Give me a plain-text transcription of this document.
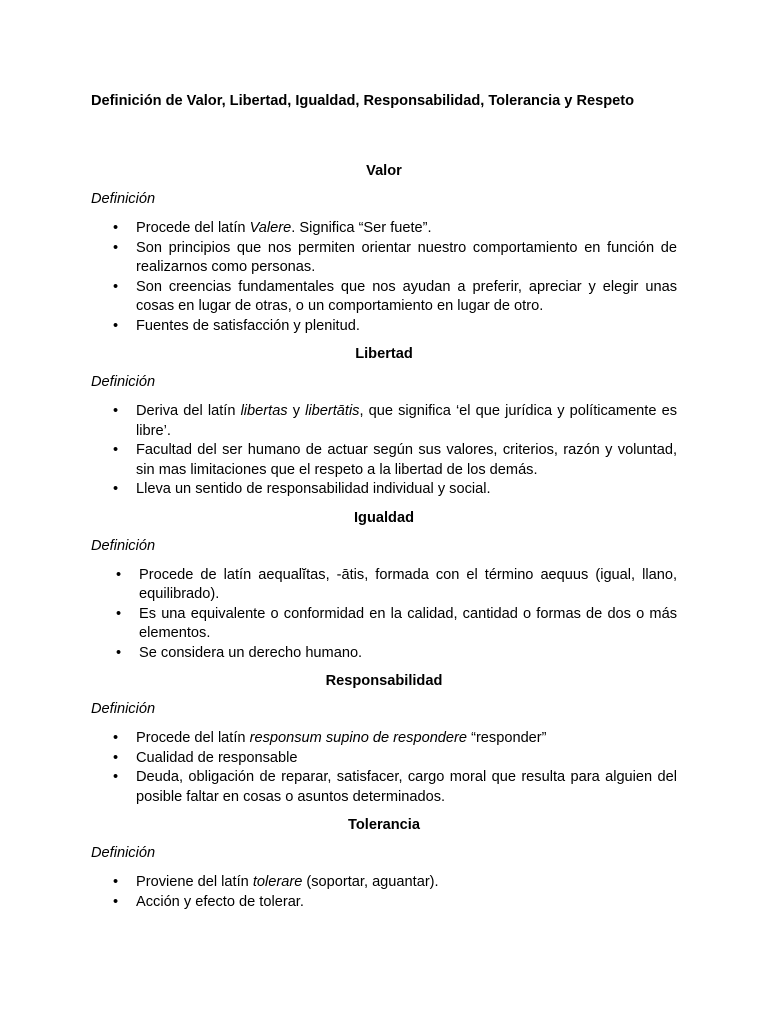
Definición de Valor, Libertad, Igualdad, Responsabilidad, Tolerancia y Respeto
Valor
Definición
• Procede del latín Valere. Significa “Ser fuete”.
• Son principios que nos permiten orientar nuestro comportamiento en función de realizarnos como personas.
• Son creencias fundamentales que nos ayudan a preferir, apreciar y elegir unas cosas en lugar de otras, o un comportamiento en lugar de otro.
• Fuentes de satisfacción y plenitud.
Libertad
Definición
• Deriva del latín libertas y libertātis, que significa ‘el que jurídica y políticamente es libre’.
• Facultad del ser humano de actuar según sus valores, criterios, razón y voluntad, sin mas limitaciones que el respeto a la libertad de los demás.
• Lleva un sentido de responsabilidad individual y social.
Igualdad
Definición
• Procede de latín aequalĭtas, -ātis, formada con el término aequus (igual, llano, equilibrado).
• Es una equivalente o conformidad en la calidad, cantidad o formas de dos o más elementos.
• Se considera un derecho humano.
Responsabilidad
Definición
• Procede del latín responsum supino de respondere “responder”
• Cualidad de responsable
• Deuda, obligación de reparar, satisfacer, cargo moral que resulta para alguien del posible faltar en cosas o asuntos determinados.
Tolerancia
Definición
• Proviene del latín tolerare (soportar, aguantar).
• Acción y efecto de tolerar.
